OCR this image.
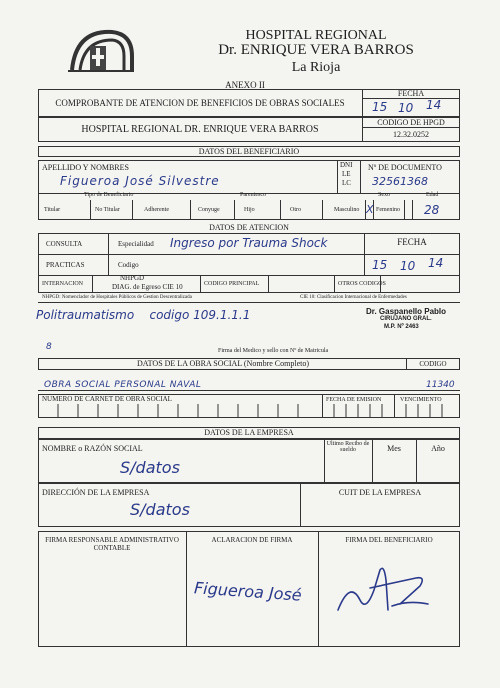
HOSPITAL REGIONAL
Dr. ENRIQUE VERA BARROS
La Rioja
ANEXO II
COMPROBANTE DE ATENCION DE BENEFICIOS DE OBRAS SOCIALES
FECHA
15 10 14
HOSPITAL REGIONAL DR. ENRIQUE VERA BARROS
CODIGO DE HPGD
12.32.0252
DATOS DEL BENEFICIARIO
APELLIDO Y NOMBRES
Figueroa José Silvestre
DNI
LE
LC
Nº DE DOCUMENTO
32561368
Tipo de Beneficiario	Parentesco	Sexo	Edad
Titular	No Titular	Adherente	Conyuge	Hijo	Otro	Masculino X Femenino 28
DATOS DE ATENCION
CONSULTA	Especialidad Ingreso por Trauma Shock	FECHA
PRACTICAS	Codigo	15 10 14
INTERNACION
NHPGD
DIAG. de Egreso CIE 10	CODIGO PRINCIPAL	OTROS CODIGOS
NHPGD: Nomenclador de Hospitales Públicos de Gestion Descentralizada	CIE 10: Clasificacion Internacional de Enfermedades
Politraumatismo    codigo 109.1.1.1	Dr. Gaspanello Pablo
CIRUJANO GRAL.
M.P. Nº 2463
8	Firma del Medico y sello con Nº de Matricula
DATOS DE LA OBRA SOCIAL (Nombre Completo)	CODIGO
OBRA SOCIAL PERSONAL NAVAL	11340
NUMERO DE CARNET DE OBRA SOCIAL	FECHA DE EMISION	VENCIMIENTO
DATOS DE LA EMPRESA
NOMBRE o RAZÓN SOCIAL	Ultimo Recibo de sueldo	Mes	Año
S/datos
DIRECCIÓN DE LA EMPRESA	CUIT DE LA EMPRESA
S/datos
FIRMA RESPONSABLE ADMINISTRATIVO CONTABLE
ACLARACION DE FIRMA	FIRMA DEL BENEFICIARIO
Figueroa José
